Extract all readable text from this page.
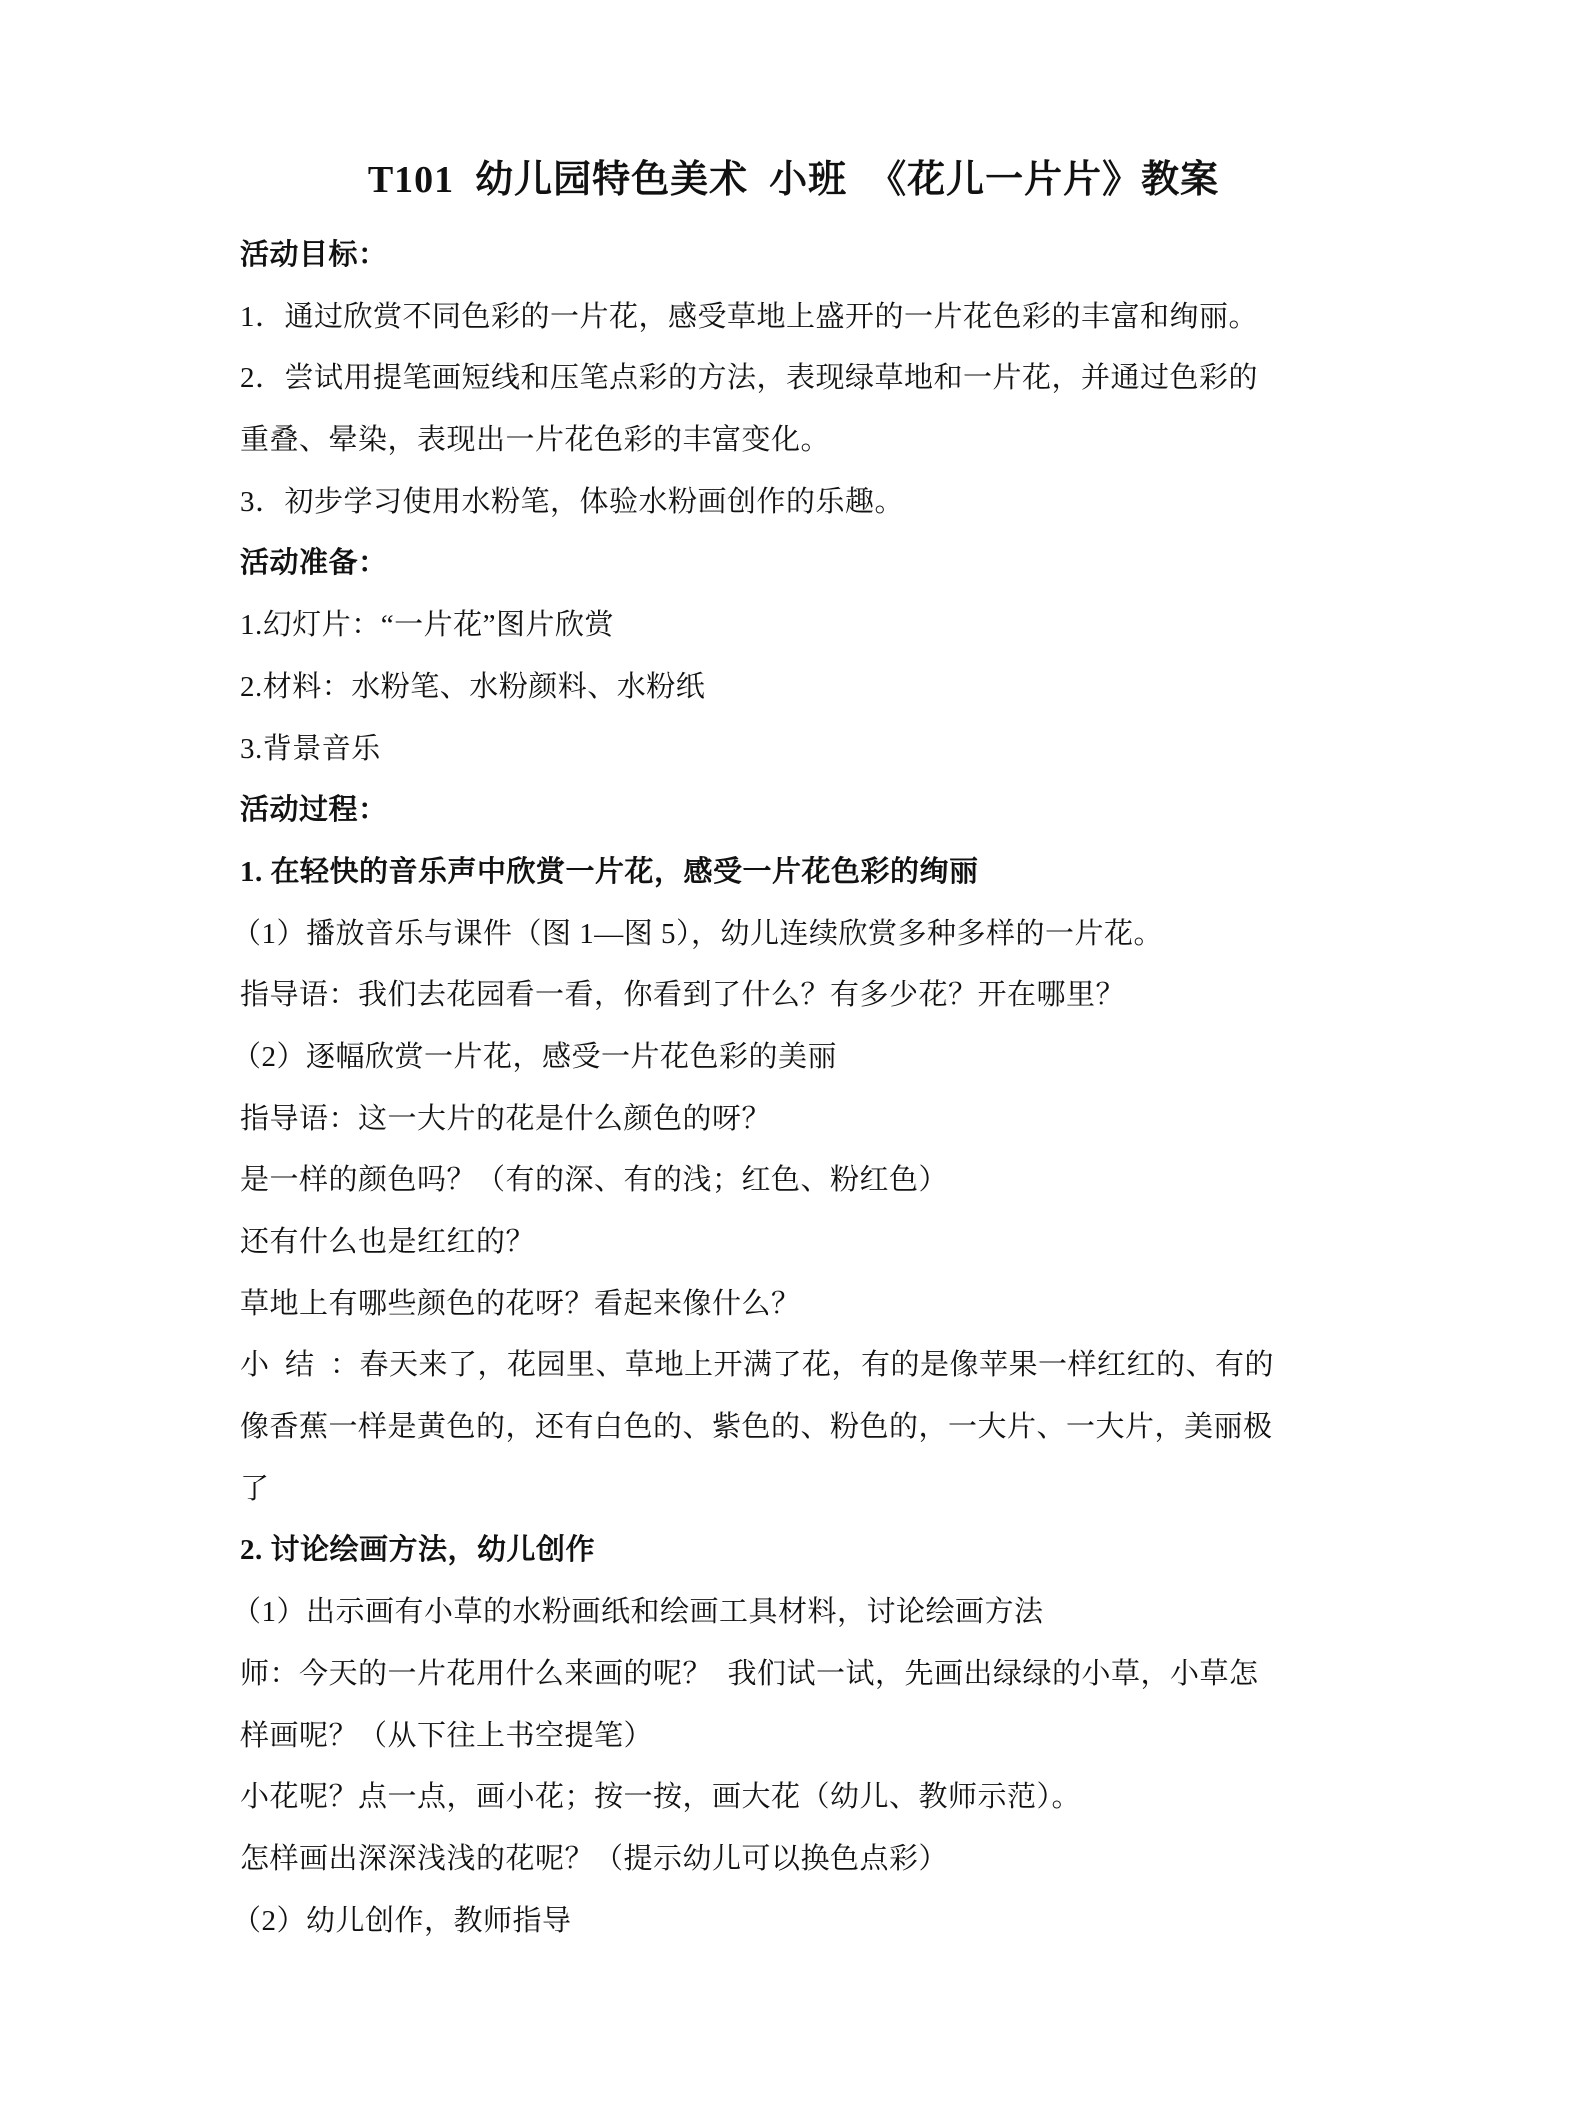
T101  幼儿园特色美术  小班  《花儿一片片》教案
活动目标：
1．通过欣赏不同色彩的一片花，感受草地上盛开的一片花色彩的丰富和绚丽。
2．尝试用提笔画短线和压笔点彩的方法，表现绿草地和一片花，并通过色彩的
重叠、晕染，表现出一片花色彩的丰富变化。
3．初步学习使用水粉笔，体验水粉画创作的乐趣。
活动准备：
1.幻灯片：“一片花”图片欣赏
2.材料：水粉笔、水粉颜料、水粉纸
3.背景音乐
活动过程：
1. 在轻快的音乐声中欣赏一片花，感受一片花色彩的绚丽
（1）播放音乐与课件（图 1—图 5），幼儿连续欣赏多种多样的一片花。
指导语：我们去花园看一看，你看到了什么？有多少花？开在哪里？
（2）逐幅欣赏一片花，感受一片花色彩的美丽
指导语：这一大片的花是什么颜色的呀？
是一样的颜色吗？（有的深、有的浅；红色、粉红色）
还有什么也是红红的？
草地上有哪些颜色的花呀？看起来像什么？
小  结  ：春天来了，花园里、草地上开满了花，有的是像苹果一样红红的、有的
像香蕉一样是黄色的，还有白色的、紫色的、粉色的，一大片、一大片，美丽极
了
2. 讨论绘画方法，幼儿创作
（1）出示画有小草的水粉画纸和绘画工具材料，讨论绘画方法
师：今天的一片花用什么来画的呢？  我们试一试，先画出绿绿的小草，小草怎
样画呢？（从下往上书空提笔）
小花呢？点一点，画小花；按一按，画大花（幼儿、教师示范）。
怎样画出深深浅浅的花呢？（提示幼儿可以换色点彩）
（2）幼儿创作，教师指导
